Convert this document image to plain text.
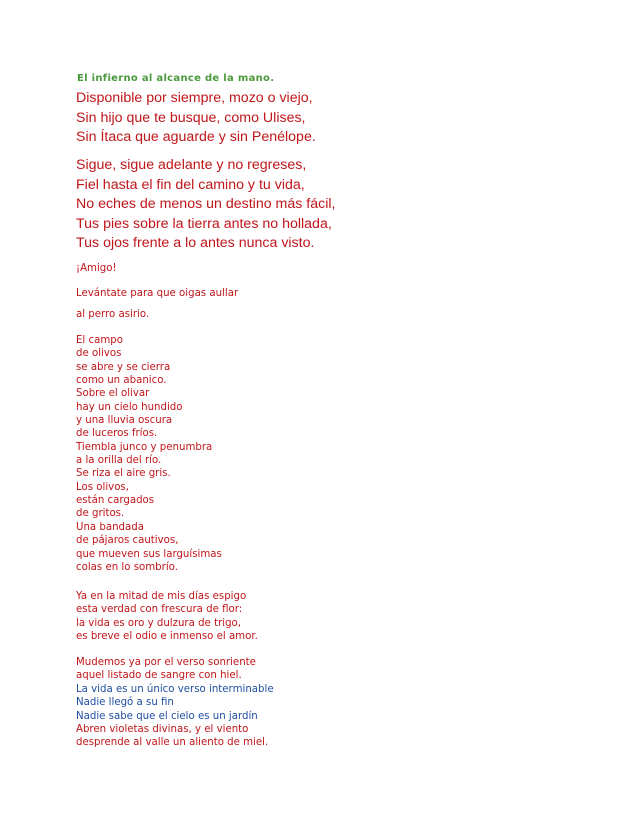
El infierno al alcance de la mano.
Disponible por siempre, mozo o viejo,
Sin hijo que te busque, como Ulises,
Sin Ítaca que aguarde y sin Penélope.
Sigue, sigue adelante y no regreses,
Fiel hasta el fin del camino y tu vida,
No eches de menos un destino más fácil,
Tus pies sobre la tierra antes no hollada,
Tus ojos frente a lo antes nunca visto.
¡Amigo!
Levántate para que oigas aullar
al perro asirio.
El campo
de olivos
se abre y se cierra
como un abanico.
Sobre el olivar
hay un cielo hundido
y una lluvia oscura
de luceros fríos.
Tiembla junco y penumbra
a la orilla del río.
Se riza el aire gris.
Los olivos,
están cargados
de gritos.
Una bandada
de pájaros cautivos,
que mueven sus larguísimas
colas en lo sombrío.
Ya en la mitad de mis días espigo
esta verdad con frescura de flor:
la vida es oro y dulzura de trigo,
es breve el odio e inmenso el amor.
Mudemos ya por el verso sonriente
aquel listado de sangre con hiel.
La vida es un único verso interminable
Nadie llegó a su fin
Nadie sabe que el cielo es un jardín
Abren violetas divinas, y el viento
desprende al valle un aliento de miel.
